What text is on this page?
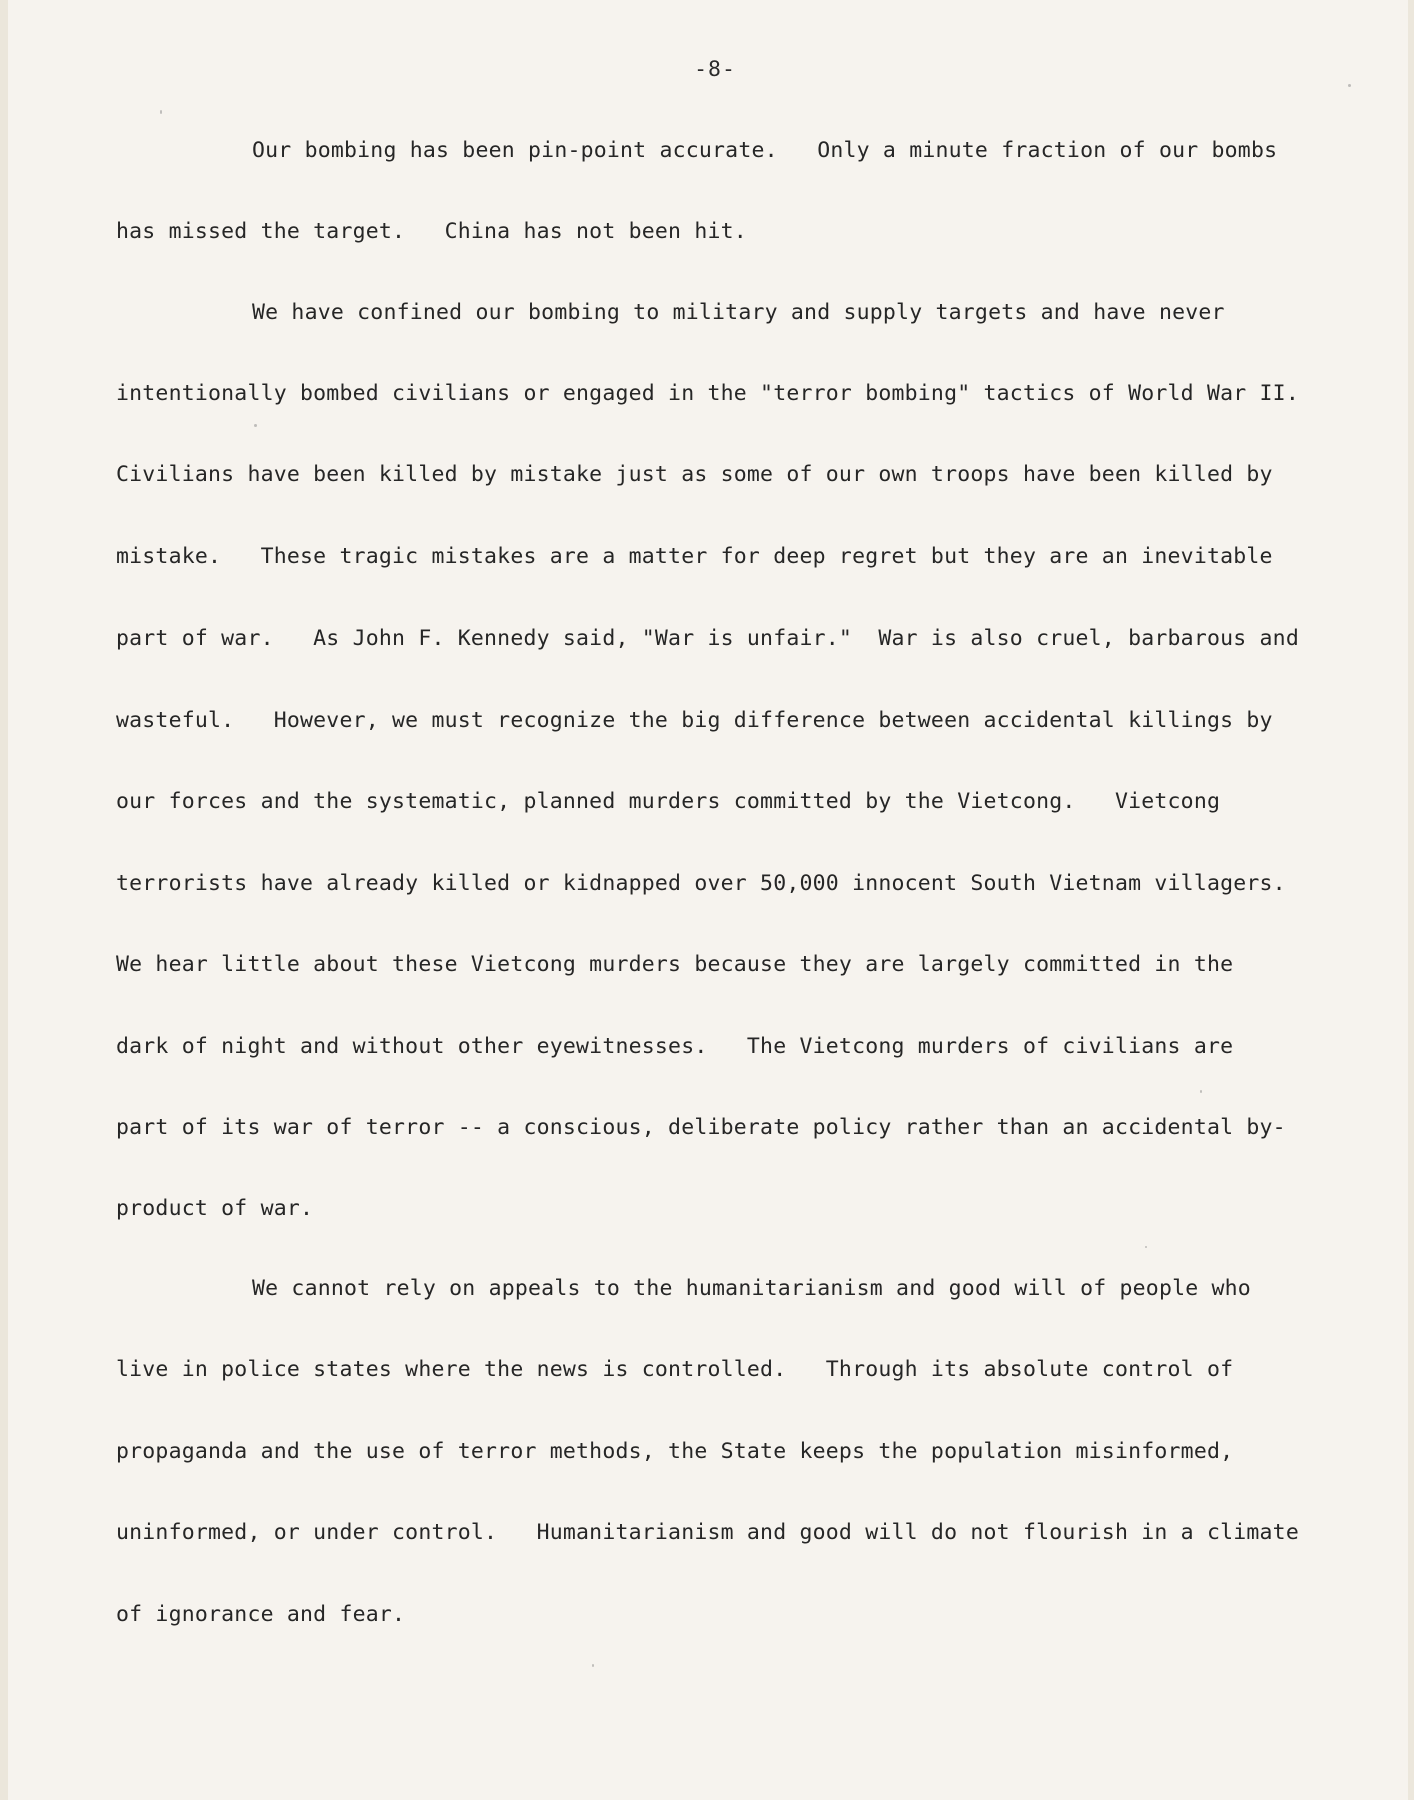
-8-
Our bombing has been pin-point accurate.   Only a minute fraction of our bombs
has missed the target.   China has not been hit.
We have confined our bombing to military and supply targets and have never
intentionally bombed civilians or engaged in the "terror bombing" tactics of World War II.
Civilians have been killed by mistake just as some of our own troops have been killed by
mistake.   These tragic mistakes are a matter for deep regret but they are an inevitable
part of war.   As John F. Kennedy said, "War is unfair."  War is also cruel, barbarous and
wasteful.   However, we must recognize the big difference between accidental killings by
our forces and the systematic, planned murders committed by the Vietcong.   Vietcong
terrorists have already killed or kidnapped over 50,000 innocent South Vietnam villagers.
We hear little about these Vietcong murders because they are largely committed in the
dark of night and without other eyewitnesses.   The Vietcong murders of civilians are
part of its war of terror -- a conscious, deliberate policy rather than an accidental by-
product of war.
We cannot rely on appeals to the humanitarianism and good will of people who
live in police states where the news is controlled.   Through its absolute control of
propaganda and the use of terror methods, the State keeps the population misinformed,
uninformed, or under control.   Humanitarianism and good will do not flourish in a climate
of ignorance and fear.
